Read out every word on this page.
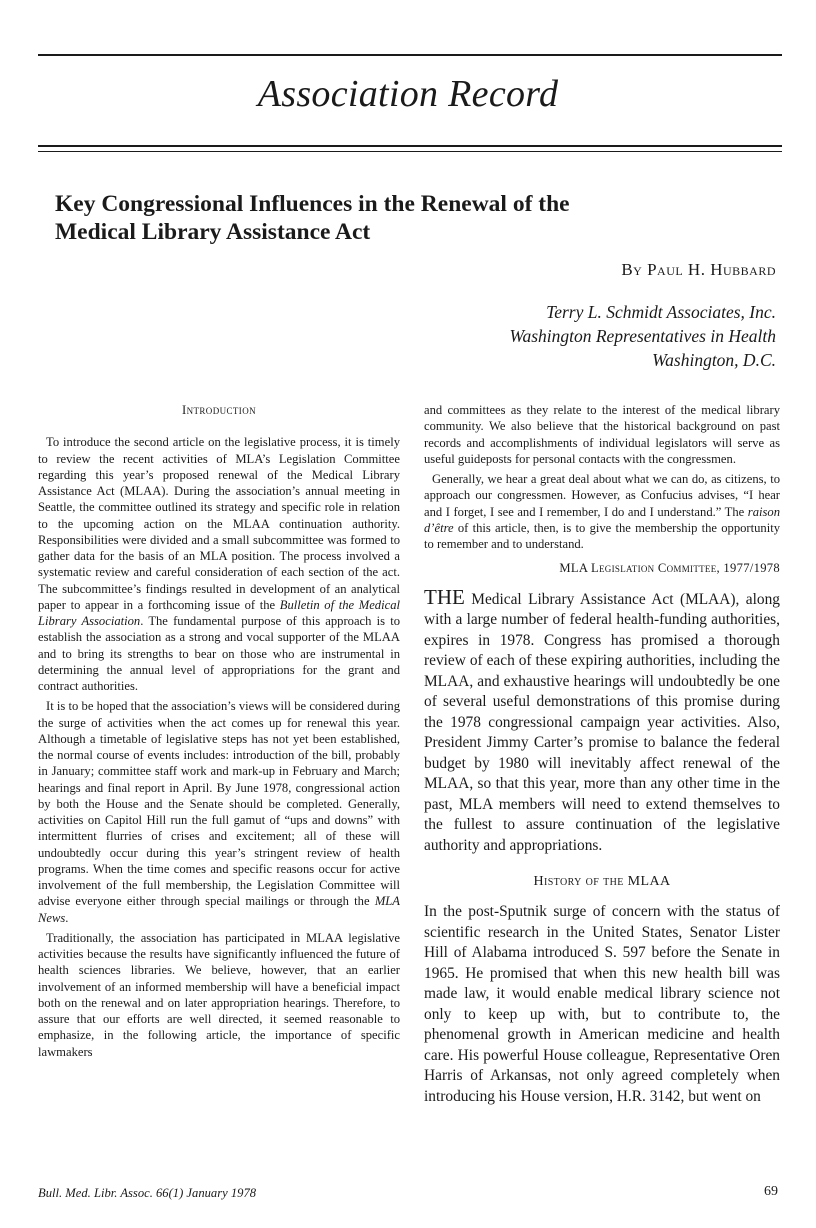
Association Record
Key Congressional Influences in the Renewal of the
Medical Library Assistance Act
By Paul H. Hubbard
Terry L. Schmidt Associates, Inc.
Washington Representatives in Health
Washington, D.C.
Introduction

To introduce the second article on the legislative process, it is timely to review the recent activities of MLA’s Legislation Committee regarding this year’s proposed renewal of the Medical Library Assistance Act (MLAA). During the association’s annual meeting in Seattle, the committee outlined its strategy and specific role in relation to the upcoming action on the MLAA continuation authority. Responsibilities were divided and a small subcommittee was formed to gather data for the basis of an MLA position. The process involved a systematic review and careful consideration of each section of the act. The subcommittee’s findings resulted in development of an analytical paper to appear in a forthcoming issue of the Bulletin of the Medical Library Association. The fundamental purpose of this approach is to establish the association as a strong and vocal supporter of the MLAA and to bring its strengths to bear on those who are instrumental in determining the annual level of appropriations for the grant and contract authorities.

It is to be hoped that the association’s views will be considered during the surge of activities when the act comes up for renewal this year. Although a timetable of legislative steps has not yet been established, the normal course of events includes: introduction of the bill, probably in January; committee staff work and mark-up in February and March; hearings and final report in April. By June 1978, congressional action by both the House and the Senate should be completed. Generally, activities on Capitol Hill run the full gamut of “ups and downs” with intermittent flurries of crises and excitement; all of these will undoubtedly occur during this year’s stringent review of health programs. When the time comes and specific reasons occur for active involvement of the full membership, the Legislation Committee will advise everyone either through special mailings or through the MLA News.

Traditionally, the association has participated in MLAA legislative activities because the results have significantly influenced the future of health sciences libraries. We believe, however, that an earlier involvement of an informed membership will have a beneficial impact both on the renewal and on later appropriation hearings. Therefore, to assure that our efforts are well directed, it seemed reasonable to emphasize, in the following article, the importance of specific lawmakers

and committees as they relate to the interest of the medical library community. We also believe that the historical background on past records and accomplishments of individual legislators will serve as useful guideposts for personal contacts with the congressmen.

Generally, we hear a great deal about what we can do, as citizens, to approach our congressmen. However, as Confucius advises, “I hear and I forget, I see and I remember, I do and I understand.” The raison d’être of this article, then, is to give the membership the opportunity to remember and to understand.

MLA Legislation Committee, 1977/1978

THE Medical Library Assistance Act (MLAA), along with a large number of federal health-funding authorities, expires in 1978. Congress has promised a thorough review of each of these expiring authorities, including the MLAA, and exhaustive hearings will undoubtedly be one of several useful demonstrations of this promise during the 1978 congressional campaign year activities. Also, President Jimmy Carter’s promise to balance the federal budget by 1980 will inevitably affect renewal of the MLAA, so that this year, more than any other time in the past, MLA members will need to extend themselves to the fullest to assure continuation of the legislative authority and appropriations.

History of the MLAA

In the post-Sputnik surge of concern with the status of scientific research in the United States, Senator Lister Hill of Alabama introduced S. 597 before the Senate in 1965. He promised that when this new health bill was made law, it would enable medical library science not only to keep up with, but to contribute to, the phenomenal growth in American medicine and health care. His powerful House colleague, Representative Oren Harris of Arkansas, not only agreed completely when introducing his House version, H.R. 3142, but went on

Bull. Med. Libr. Assoc. 66(1) January 1978	69
